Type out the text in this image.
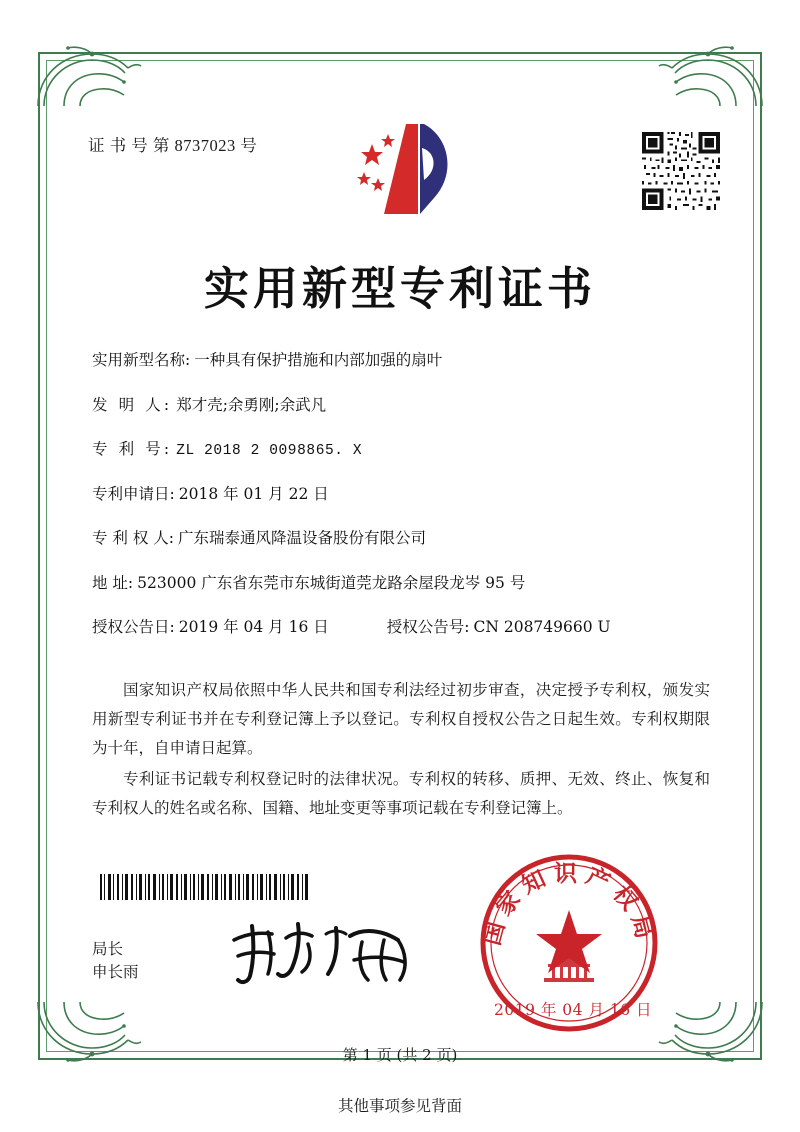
证 书 号 第 8737023 号
实用新型专利证书
实用新型名称: 一种具有保护措施和内部加强的扇叶
发 明 人: 郑才壳;余勇刚;余武凡
专 利 号: ZL 2018 2 0098865. X
专利申请日: 2018 年 01 月 22 日
专 利 权 人: 广东瑞泰通风降温设备股份有限公司
地 址: 523000 广东省东莞市东城街道莞龙路余屋段龙岑 95 号
授权公告日: 2019 年 04 月 16 日	授权公告号: CN 208749660 U

国家知识产权局依照中华人民共和国专利法经过初步审查，决定授予专利权，颁发实用新型专利证书并在专利登记簿上予以登记。专利权自授权公告之日起生效。专利权期限为十年，自申请日起算。

专利证书记载专利权登记时的法律状况。专利权的转移、质押、无效、终止、恢复和专利权人的姓名或名称、国籍、地址变更等事项记载在专利登记簿上。

局长
申长雨
国家知识产权局
2019 年 04 月 16 日
第 1 页 (共 2 页)
其他事项参见背面
